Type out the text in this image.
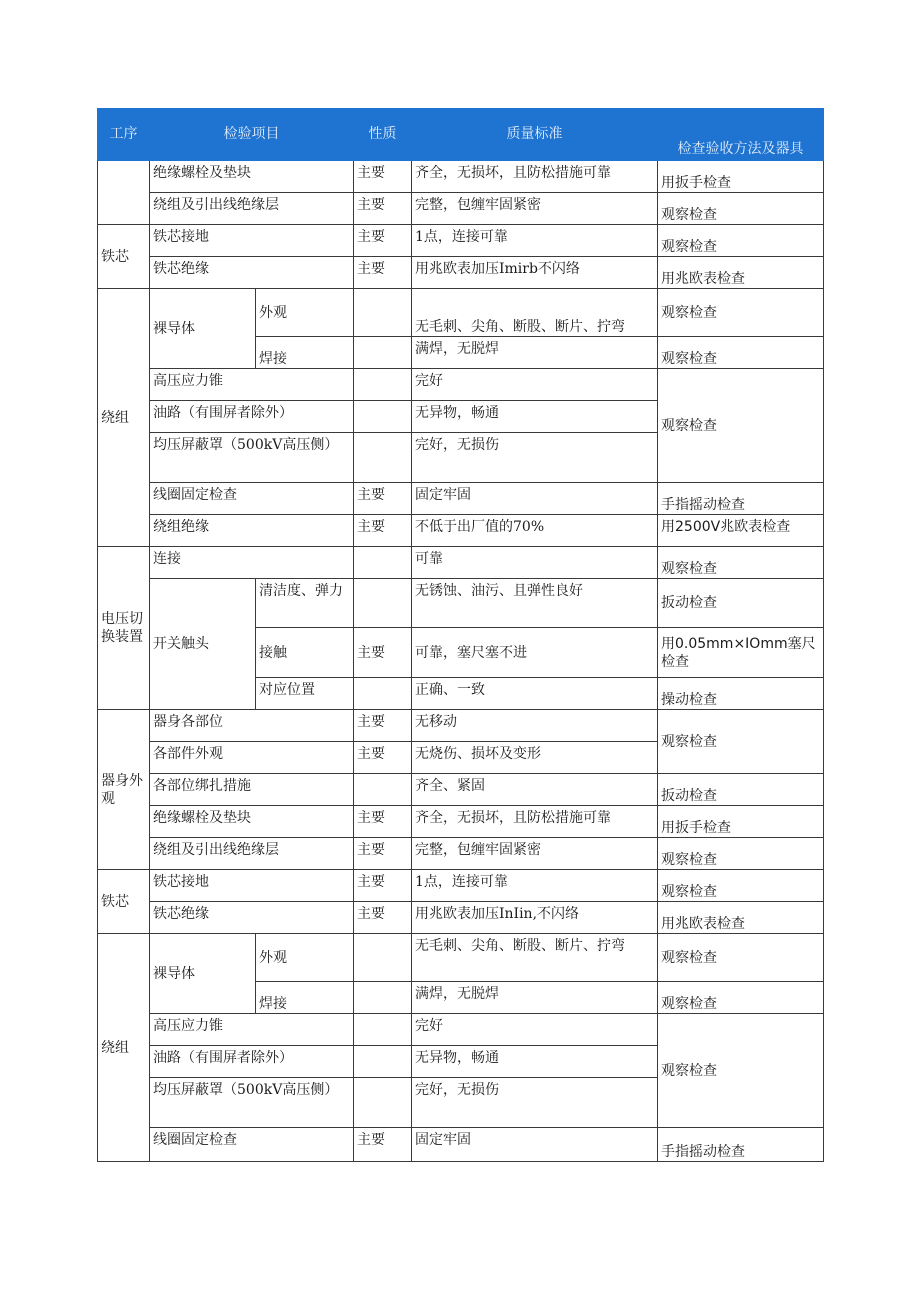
工序	检验项目		性质	质量标准	检查验收方法及器具
	绝缘螺栓及垫块		主要	齐全，无损坏，且防松措施可靠	用扳手检查
	绕组及引出线绝缘层		主要	完整，包缠牢固紧密	观察检查
铁芯	铁芯接地		主要	1点，连接可靠	观察检查
	铁芯绝缘		主要	用兆欧表加压Imirb不闪络	用兆欧表检查
绕组	裸导体	外观		无毛刺、尖角、断股、断片、拧弯	观察检查
		焊接		满焊，无脱焊	观察检查
	高压应力锥			完好	观察检查
	油路（有围屏者除外）			无异物，畅通	
	均压屏蔽罩（500kV高压侧）			完好，无损伤	
	线圈固定检查		主要	固定牢固	手指摇动检查
	绕组绝缘		主要	不低于出厂值的70%	用2500V兆欧表检查
电压切换装置	连接			可靠	观察检查
	开关触头	清洁度、弹力		无锈蚀、油污、且弹性良好	扳动检查
		接触	主要	可靠，塞尺塞不进	用0.05mm×IOmm塞尺检查
		对应位置		正确、一致	操动检查
器身外观	器身各部位		主要	无移动	观察检查
	各部件外观		主要	无烧伤、损坏及变形	
	各部位绑扎措施			齐全、紧固	扳动检查
	绝缘螺栓及垫块		主要	齐全，无损坏，且防松措施可靠	用扳手检查
	绕组及引出线绝缘层		主要	完整，包缠牢固紧密	观察检查
铁芯	铁芯接地		主要	1点，连接可靠	观察检查
	铁芯绝缘		主要	用兆欧表加压InIin,不闪络	用兆欧表检查
绕组	裸导体	外观		无毛刺、尖角、断股、断片、拧弯	观察检查
		焊接		满焊，无脱焊	观察检查
	高压应力锥			完好	观察检查
	油路（有围屏者除外）			无异物，畅通	
	均压屏蔽罩（500kV高压侧）			完好，无损伤	
	线圈固定检查		主要	固定牢固	手指摇动检查
